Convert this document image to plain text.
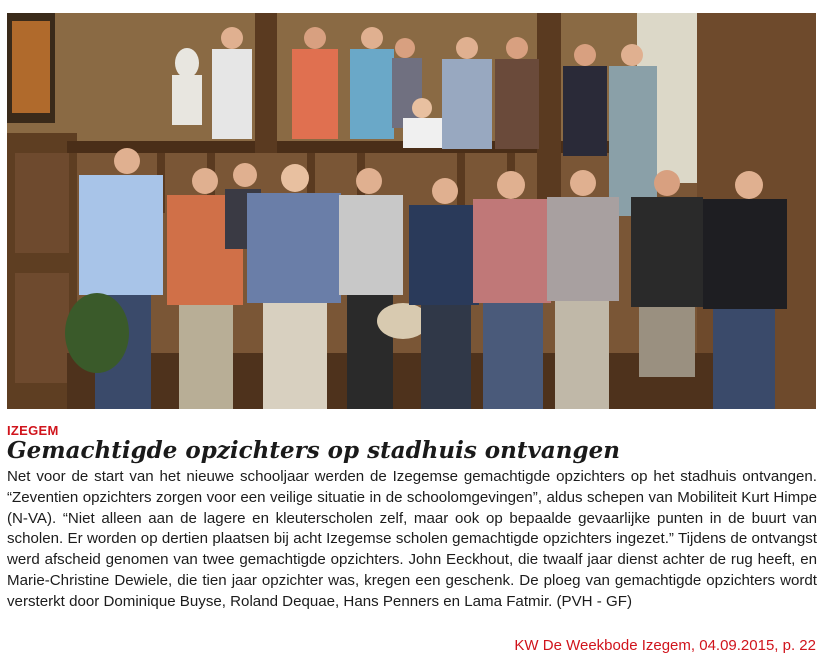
IZEGEM
Gemachtigde opzichters op stadhuis ontvangen

Net voor de start van het nieuwe schooljaar werden de Izegemse gemachtigde opzichters op het stadhuis ontvangen. “Zeventien opzichters zorgen voor een veilige situatie in de schoolomgevingen”, aldus schepen van Mobiliteit Kurt Himpe (N-VA). “Niet alleen aan de lagere en kleuterscholen zelf, maar ook op bepaalde gevaarlijke punten in de buurt van scholen. Er worden op dertien plaatsen bij acht Izegemse scholen gemachtigde opzichters ingezet.” Tijdens de ontvangst werd afscheid genomen van twee gemachtigde opzichters. John Eeckhout, die twaalf jaar dienst achter de rug heeft, en Marie-Christine Dewiele, die tien jaar opzichter was, kregen een geschenk. De ploeg van gemachtigde opzichters wordt versterkt door Dominique Buyse, Roland Dequae, Hans Penners en Lama Fatmir. (PVH - GF)

KW De Weekbode Izegem, 04.09.2015, p. 22
